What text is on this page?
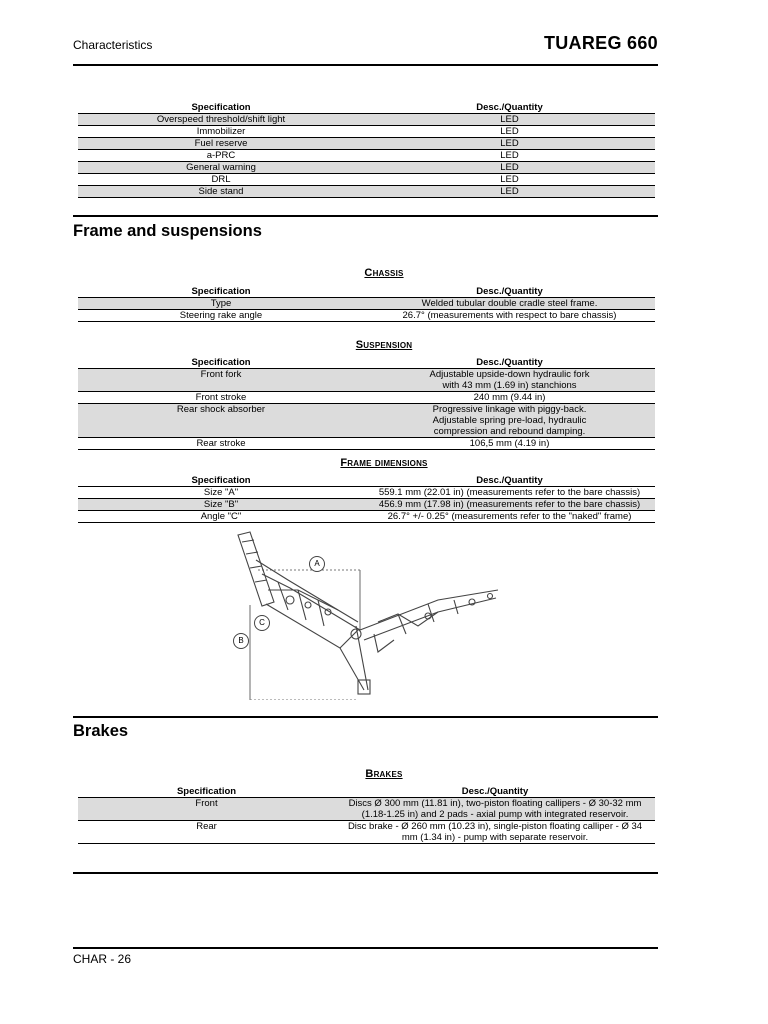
Characteristics	TUAREG 660
Specification	Desc./Quantity
Overspeed threshold/shift light	LED
Immobilizer	LED
Fuel reserve	LED
a-PRC	LED
General warning	LED
DRL	LED
Side stand	LED
Frame and suspensions
Chassis
Specification	Desc./Quantity
Type	Welded tubular double cradle steel frame.
Steering rake angle	26.7° (measurements with respect to bare chassis)
Suspension
Specification	Desc./Quantity
Front fork	Adjustable upside-down hydraulic fork with 43 mm (1.69 in) stanchions
Front stroke	240 mm (9.44 in)
Rear shock absorber	Progressive linkage with piggy-back. Adjustable spring pre-load, hydraulic compression and rebound damping.
Rear stroke	106,5 mm (4.19 in)
Frame dimensions
Specification	Desc./Quantity
Size "A"	559.1 mm (22.01 in) (measurements refer to the bare chassis)
Size "B"	456.9 mm (17.98 in) (measurements refer to the bare chassis)
Angle "C"	26.7° +/- 0.25° (measurements refer to the "naked" frame)
A
B
C
Brakes
Brakes
Specification	Desc./Quantity
Front	Discs Ø 300 mm (11.81 in), two-piston floating callipers - Ø 30-32 mm (1.18-1.25 in) and 2 pads - axial pump with integrated reservoir.

Rear	Disc brake - Ø 260 mm (10.23 in), single-piston floating calliper - Ø 34 mm (1.34 in) - pump with separate reservoir.
CHAR - 26
